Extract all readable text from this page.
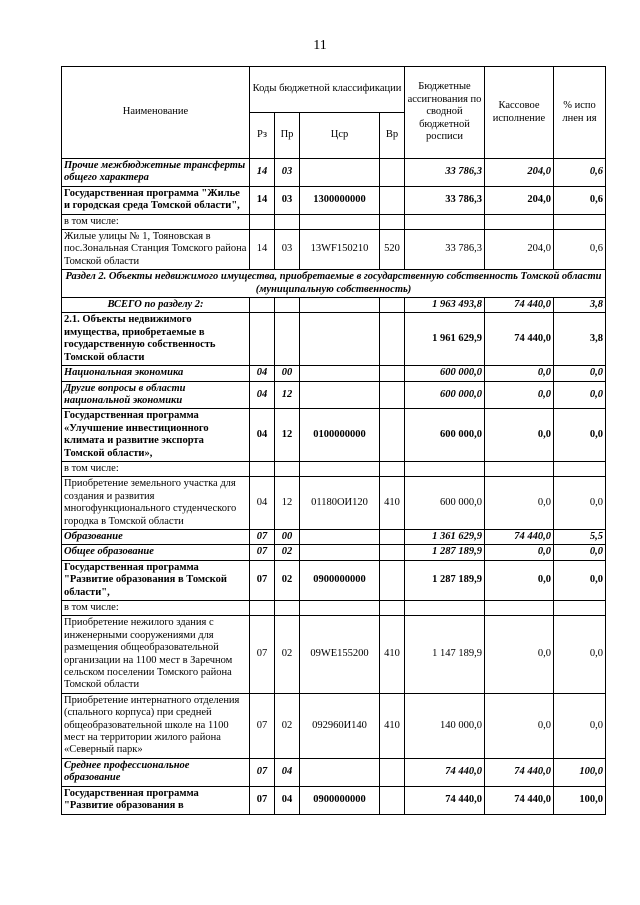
11
Наименование	Коды бюджетной классификации				Бюджетные ассигнования по сводной бюджетной росписи	Кассовое исполнение	% испо лнен ия
	Рз	Пр	Цср	Вр			
Прочие межбюджетные трансферты общего характера	14	03			33 786,3	204,0	0,6
Государственная программа "Жилье и городская среда Томской области",	14	03	1300000000		33 786,3	204,0	0,6
в том числе:							
Жилые улицы № 1, Тояновская в пос.Зональная Станция Томского района Томской области	14	03	13WF150210	520	33 786,3	204,0	0,6
Раздел 2. Объекты недвижимого имущества, приобретаемые в государственную собственность Томской области (муниципальную собственность)							
ВСЕГО по разделу 2:					1 963 493,8	74 440,0	3,8
2.1. Объекты недвижимого имущества, приобретаемые в государственную собственность Томской области					1 961 629,9	74 440,0	3,8
Национальная экономика	04	00			600 000,0	0,0	0,0
Другие вопросы в области национальной экономики	04	12			600 000,0	0,0	0,0
Государственная программа «Улучшение инвестиционного климата и развитие экспорта Томской области»,	04	12	0100000000		600 000,0	0,0	0,0
в том числе:							
Приобретение земельного участка для создания и развития многофункционального студенческого городка в Томской области	04	12	01180ОИ120	410	600 000,0	0,0	0,0
Образование	07	00			1 361 629,9	74 440,0	5,5
Общее образование	07	02			1 287 189,9	0,0	0,0
Государственная программа "Развитие образования в Томской области",	07	02	0900000000		1 287 189,9	0,0	0,0
в том числе:							
Приобретение нежилого здания с инженерными сооружениями для размещения общеобразовательной организации на 1100 мест в Заречном сельском поселении Томского района Томской области	07	02	09WE155200	410	1 147 189,9	0,0	0,0
Приобретение интернатного отделения (спального корпуса) при средней общеобразовательной школе на 1100 мест на территории жилого района «Северный парк»	07	02	092960И140	410	140 000,0	0,0	0,0
Среднее профессиональное образование	07	04			74 440,0	74 440,0	100,0
Государственная программа "Развитие образования в	07	04	0900000000		74 440,0	74 440,0	100,0
